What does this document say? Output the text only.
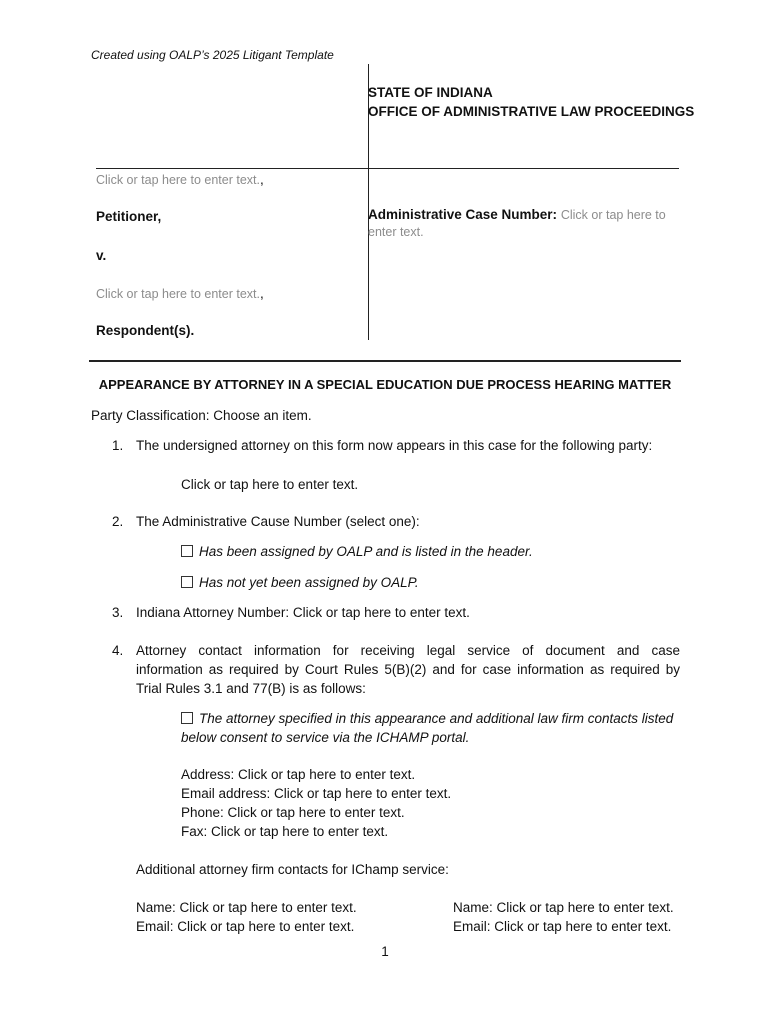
Created using OALP’s 2025 Litigant Template
STATE OF INDIANA
OFFICE OF ADMINISTRATIVE LAW PROCEEDINGS
Click or tap here to enter text.,
Petitioner,
v.
Click or tap here to enter text.,
Respondent(s).
Administrative Case Number: Click or tap here to
enter text.
APPEARANCE BY ATTORNEY IN A SPECIAL EDUCATION DUE PROCESS HEARING MATTER
Party Classification: Choose an item.
1. The undersigned attorney on this form now appears in this case for the following party:
Click or tap here to enter text.
2. The Administrative Cause Number (select one):
Has been assigned by OALP and is listed in the header.
Has not yet been assigned by OALP.
3. Indiana Attorney Number: Click or tap here to enter text.
4. Attorney contact information for receiving legal service of document and case
information as required by Court Rules 5(B)(2) and for case information as required by
Trial Rules 3.1 and 77(B) is as follows:
The attorney specified in this appearance and additional law firm contacts listed
below consent to service via the ICHAMP portal.
Address: Click or tap here to enter text.
Email address: Click or tap here to enter text.
Phone: Click or tap here to enter text.
Fax: Click or tap here to enter text.
Additional attorney firm contacts for IChamp service:
Name: Click or tap here to enter text.
Email: Click or tap here to enter text.
Name: Click or tap here to enter text.
Email: Click or tap here to enter text.
1
